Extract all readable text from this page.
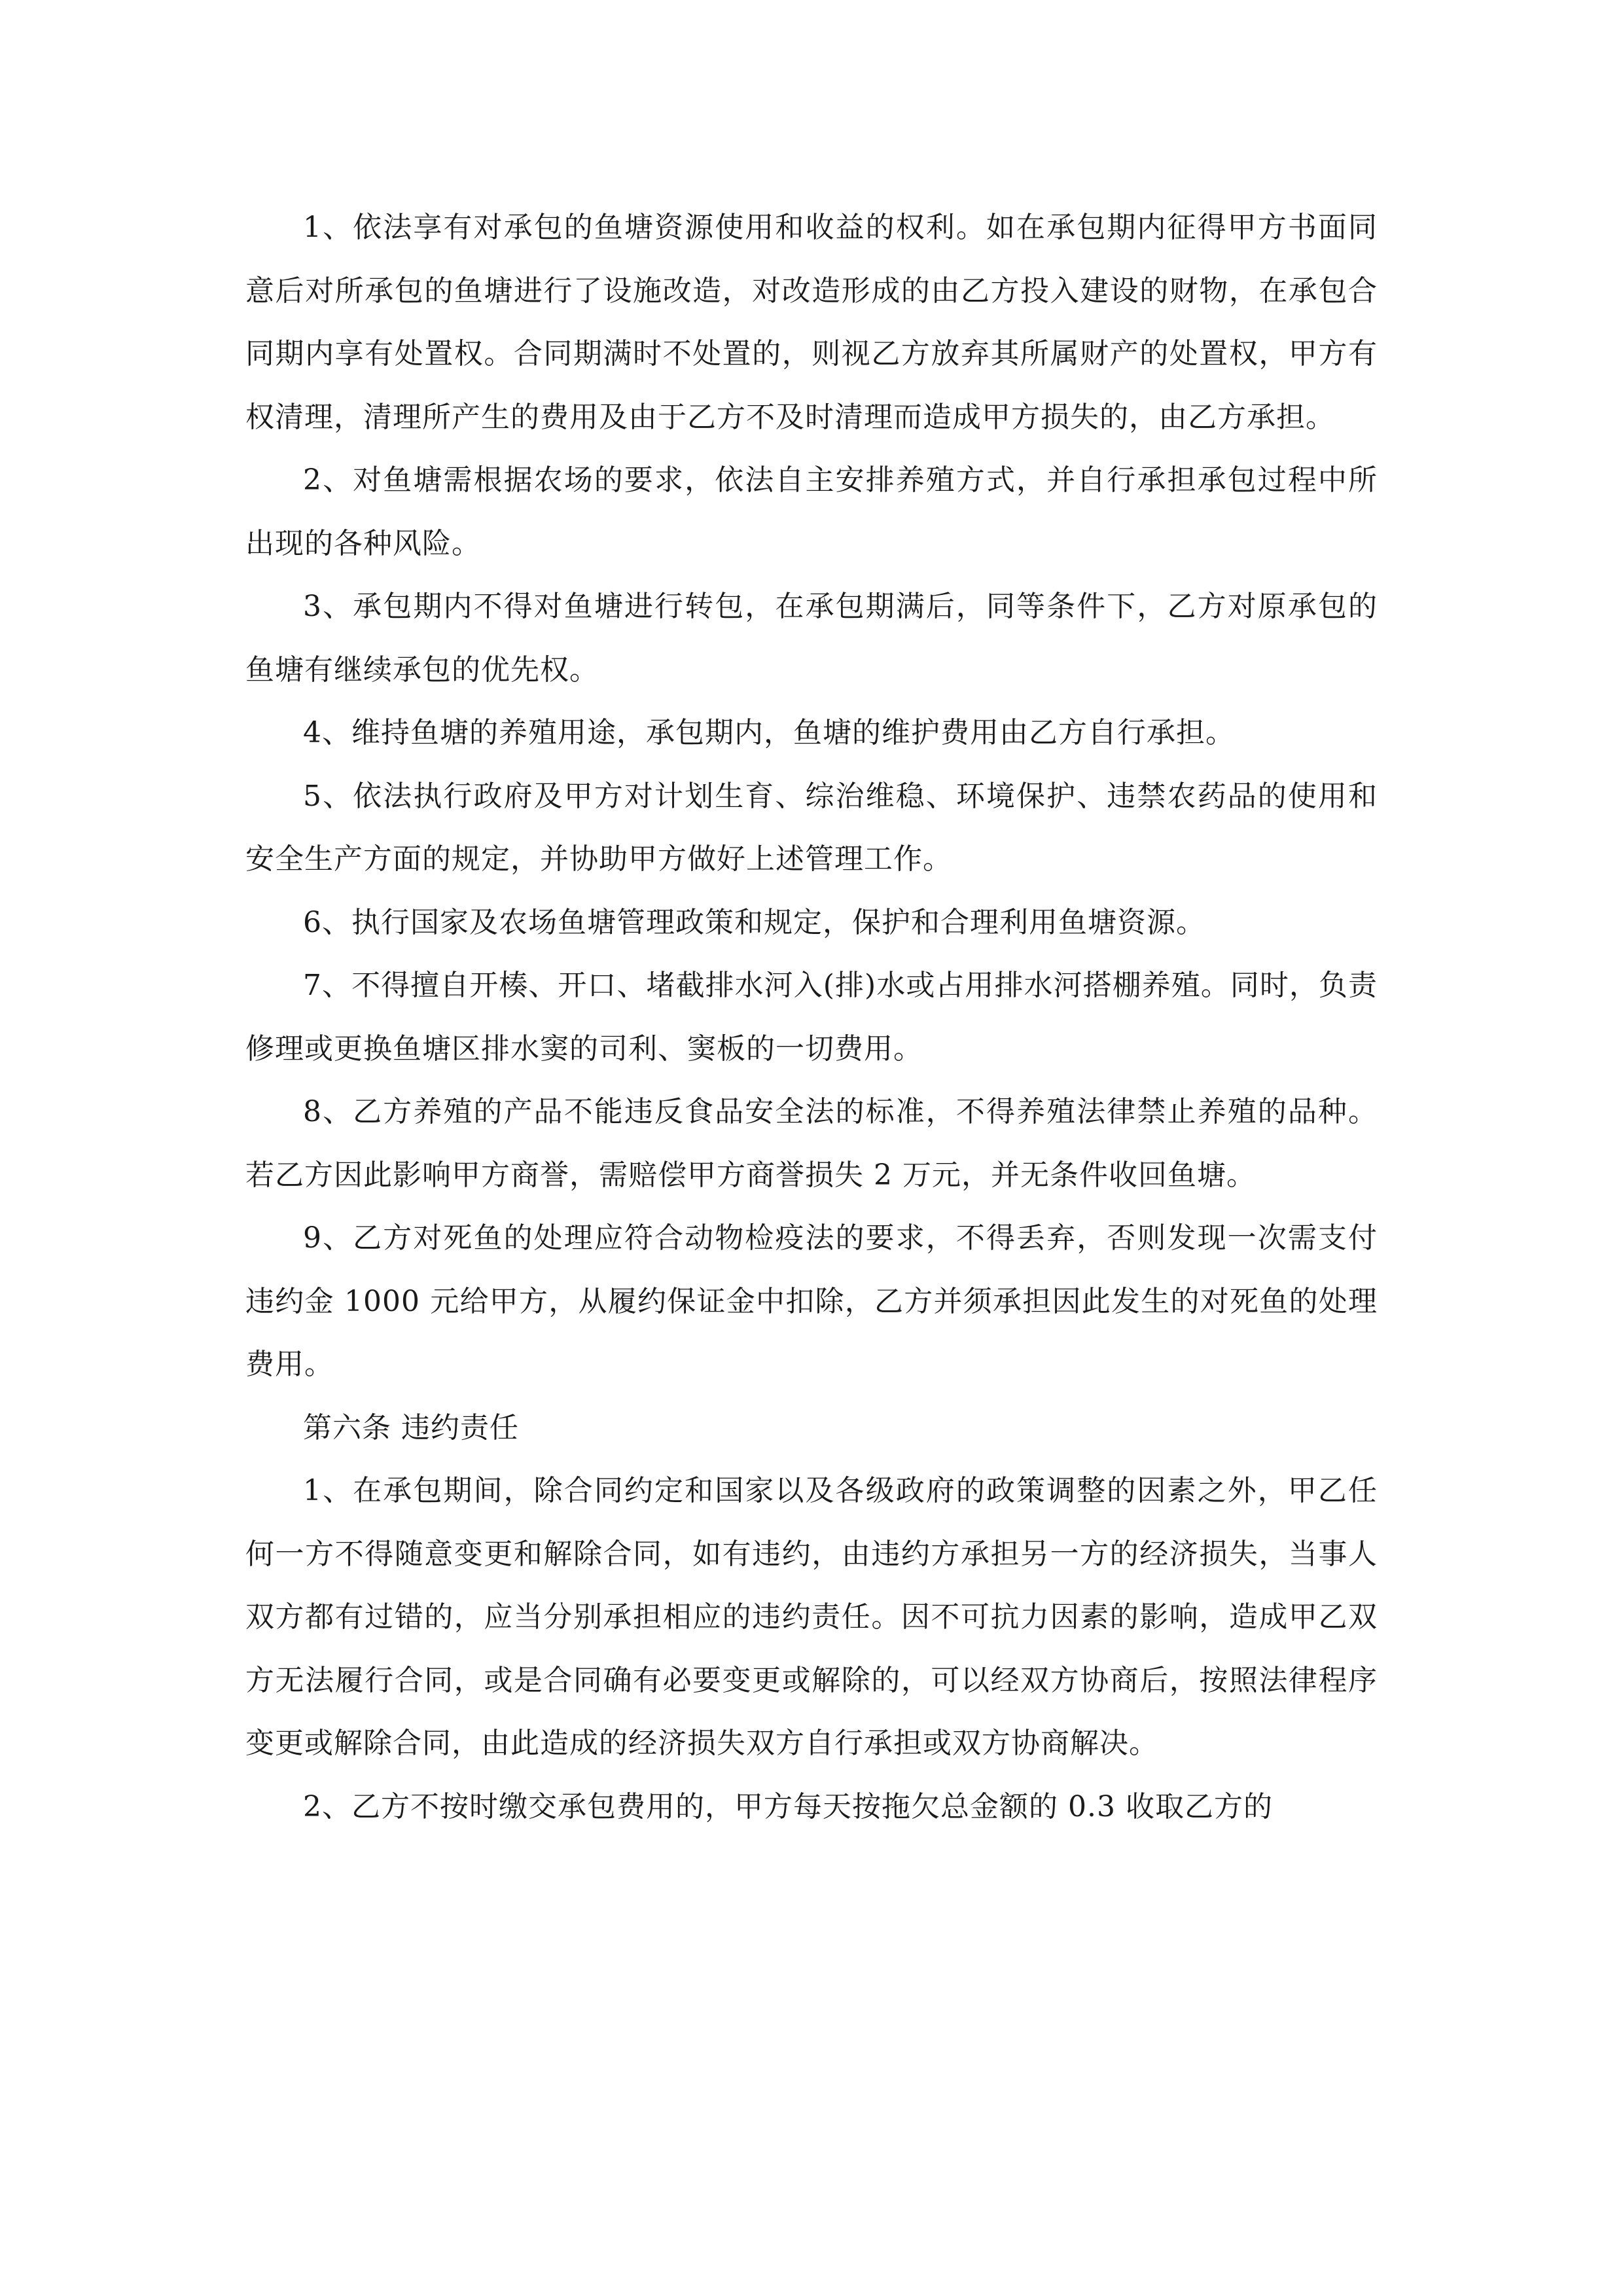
1、依法享有对承包的鱼塘资源使用和收益的权利。如在承包期内征得甲方书面同意后对所承包的鱼塘进行了设施改造，对改造形成的由乙方投入建设的财物，在承包合同期内享有处置权。合同期满时不处置的，则视乙方放弃其所属财产的处置权，甲方有权清理，清理所产生的费用及由于乙方不及时清理而造成甲方损失的，由乙方承担。

2、对鱼塘需根据农场的要求，依法自主安排养殖方式，并自行承担承包过程中所出现的各种风险。

3、承包期内不得对鱼塘进行转包，在承包期满后，同等条件下，乙方对原承包的鱼塘有继续承包的优先权。

4、维持鱼塘的养殖用途，承包期内，鱼塘的维护费用由乙方自行承担。

5、依法执行政府及甲方对计划生育、综治维稳、环境保护、违禁农药品的使用和安全生产方面的规定，并协助甲方做好上述管理工作。

6、执行国家及农场鱼塘管理政策和规定，保护和合理利用鱼塘资源。

7、不得擅自开楱、开口、堵截排水河入(排)水或占用排水河搭棚养殖。同时，负责修理或更换鱼塘区排水窦的司利、窦板的一切费用。

8、乙方养殖的产品不能违反食品安全法的标准，不得养殖法律禁止养殖的品种。若乙方因此影响甲方商誉，需赔偿甲方商誉损失 2 万元，并无条件收回鱼塘。

9、乙方对死鱼的处理应符合动物检疫法的要求，不得丢弃，否则发现一次需支付违约金 1000 元给甲方，从履约保证金中扣除，乙方并须承担因此发生的对死鱼的处理费用。

第六条 违约责任

1、在承包期间，除合同约定和国家以及各级政府的政策调整的因素之外，甲乙任何一方不得随意变更和解除合同，如有违约，由违约方承担另一方的经济损失，当事人双方都有过错的，应当分别承担相应的违约责任。因不可抗力因素的影响，造成甲乙双方无法履行合同，或是合同确有必要变更或解除的，可以经双方协商后，按照法律程序变更或解除合同，由此造成的经济损失双方自行承担或双方协商解决。

2、乙方不按时缴交承包费用的，甲方每天按拖欠总金额的 0.3 收取乙方的
